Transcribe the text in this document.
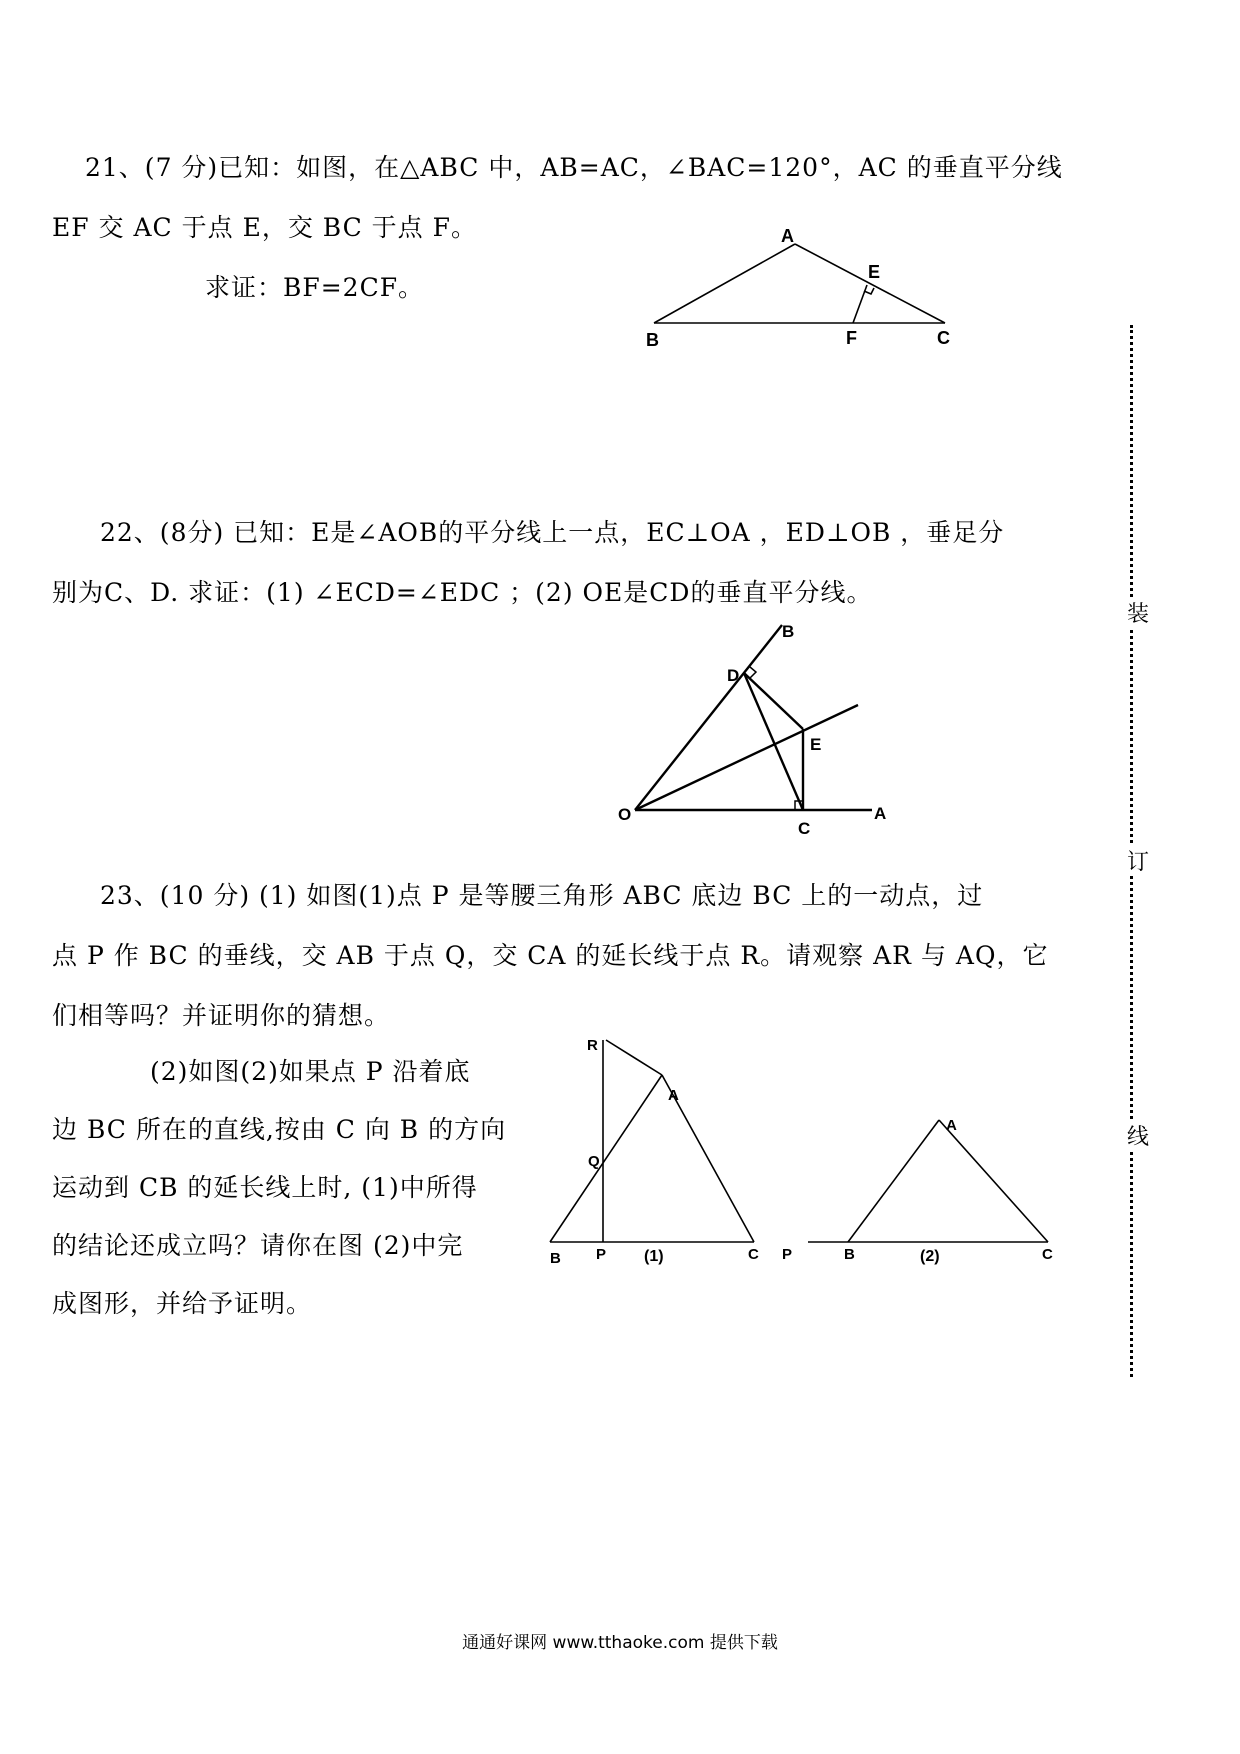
21、(7 分)已知：如图，在△ABC 中，AB=AC，∠BAC=120°，AC 的垂直平分线
EF 交 AC 于点 E，交 BC 于点 F。
求证：BF=2CF。
A
E
B	F	C
22、(8分) 已知：E是∠AOB的平分线上一点，EC⊥OA ，ED⊥OB ，垂足分
别为C、D. 求证：(1) ∠ECD=∠EDC ；(2) OE是CD的垂直平分线。
B
D
E
O
C
A
23、(10 分) (1) 如图(1)点 P 是等腰三角形 ABC 底边 BC 上的一动点，过
点 P 作 BC 的垂线，交 AB 于点 Q，交 CA 的延长线于点 R。请观察 AR 与 AQ，它
们相等吗？并证明你的猜想。
(2)如图(2)如果点 P 沿着底
边 BC 所在的直线,按由 C 向 B 的方向
运动到 CB 的延长线上时, (1)中所得
的结论还成立吗？请你在图 (2)中完
成图形，并给予证明。
R
A
Q
B P (1)	C P	B
A
(2)	C
装
订
线
通通好课网 www.tthaoke.com 提供下载
